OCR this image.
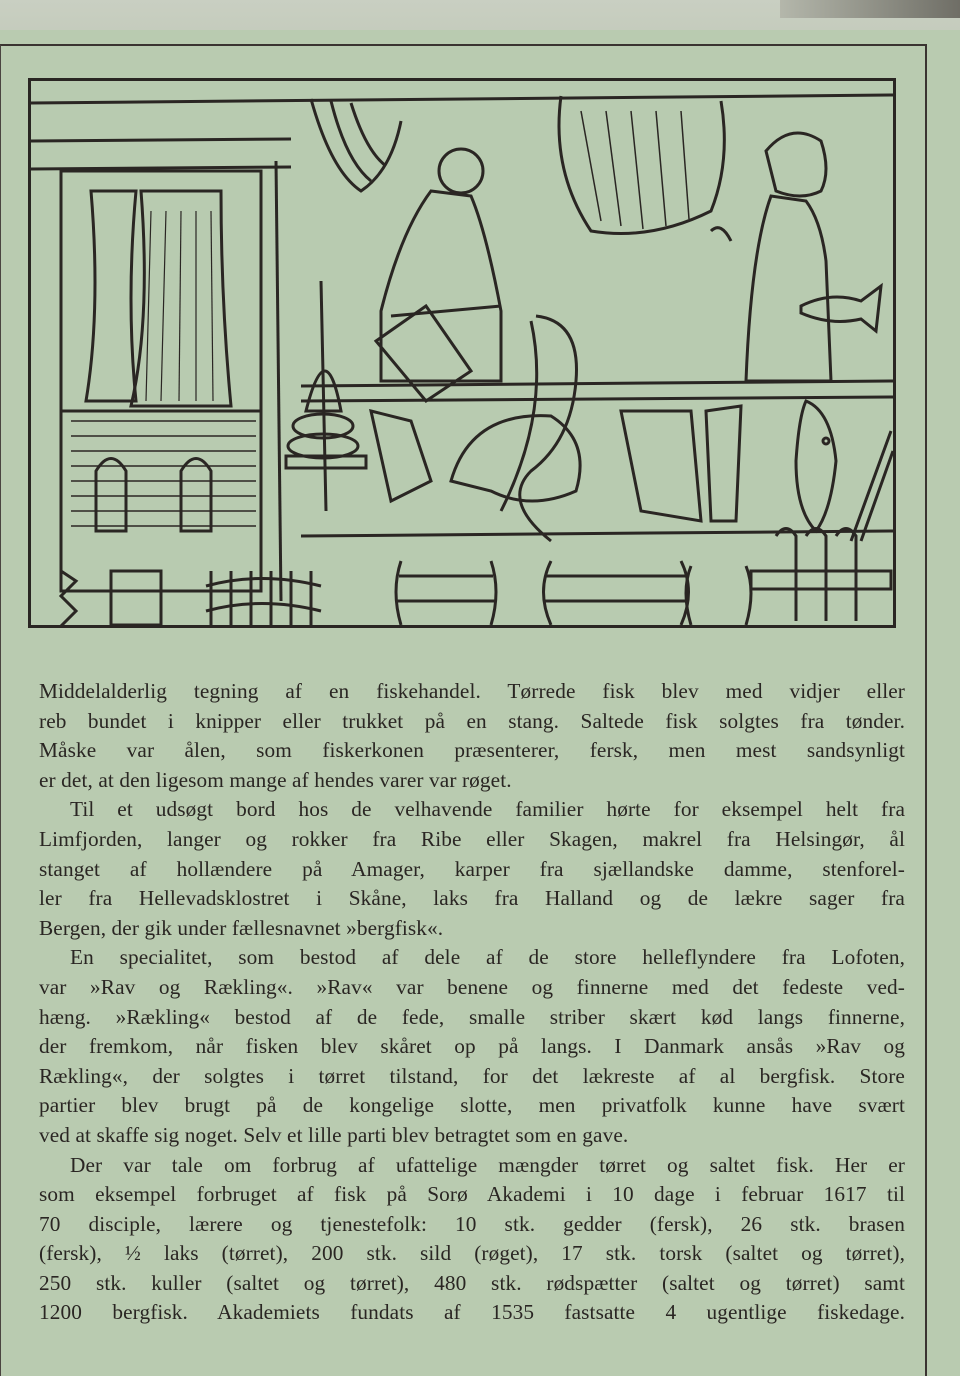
Middelalderlig tegning af en fiskehandel. Tørrede fisk blev med vidjer eller
reb bundet i knipper eller trukket på en stang. Saltede fisk solgtes fra tønder.
Måske var ålen, som fiskerkonen præsenterer, fersk, men mest sandsynligt
er det, at den ligesom mange af hendes varer var røget.

Til et udsøgt bord hos de velhavende familier hørte for eksempel helt fra
Limfjorden, langer og rokker fra Ribe eller Skagen, makrel fra Helsingør, ål
stanget af hollændere på Amager, karper fra sjællandske damme, stenforel-
ler fra Hellevadsklostret i Skåne, laks fra Halland og de lækre sager fra
Bergen, der gik under fællesnavnet »bergfisk«.

En specialitet, som bestod af dele af de store helleflyndere fra Lofoten,
var »Rav og Rækling«. »Rav« var benene og finnerne med det fedeste ved-
hæng. »Rækling« bestod af de fede, smalle striber skært kød langs finnerne,
der fremkom, når fisken blev skåret op på langs. I Danmark ansås »Rav og
Rækling«, der solgtes i tørret tilstand, for det lækreste af al bergfisk. Store
partier blev brugt på de kongelige slotte, men privatfolk kunne have svært
ved at skaffe sig noget. Selv et lille parti blev betragtet som en gave.

Der var tale om forbrug af ufattelige mængder tørret og saltet fisk. Her er
som eksempel forbruget af fisk på Sorø Akademi i 10 dage i februar 1617 til
70 disciple, lærere og tjenestefolk: 10 stk. gedder (fersk), 26 stk. brasen
(fersk), ½ laks (tørret), 200 stk. sild (røget), 17 stk. torsk (saltet og tørret),
250 stk. kuller (saltet og tørret), 480 stk. rødspætter (saltet og tørret) samt
1200 bergfisk. Akademiets fundats af 1535 fastsatte 4 ugentlige fiskedage.
